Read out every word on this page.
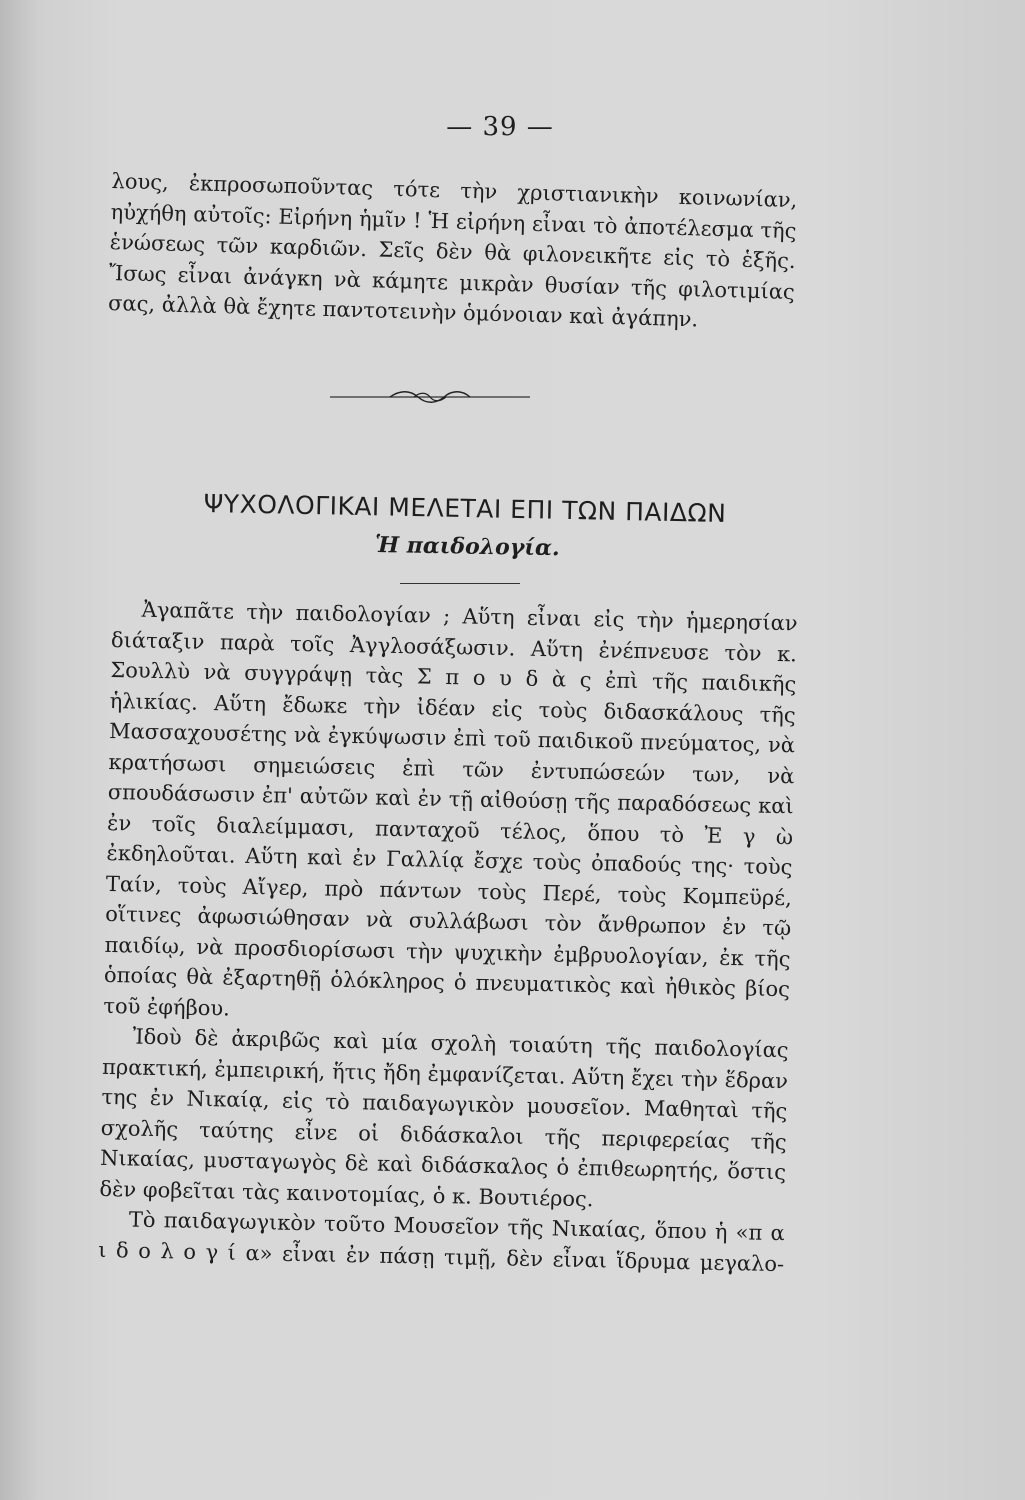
— 39 —

λους, ἐκπροσωποῦντας τότε τὴν χριστιανικὴν κοινωνίαν, ηὐχήθη αὐτοῖς: Εἰρήνη ἡμῖν ! Ἡ εἰρήνη εἶναι τὸ ἀποτέλεσμα τῆς ἑνώσεως τῶν καρδιῶν. Σεῖς δὲν θὰ φιλονεικῆτε εἰς τὸ ἑξῆς. Ἴσως εἶναι ἀνάγκη νὰ κάμητε μικρὰν θυσίαν τῆς φιλοτιμίας σας, ἀλλὰ θὰ ἔχητε παντοτεινὴν ὁμόνοιαν καὶ ἀγάπην.

ΨΥΧΟΛΟΓΙΚΑΙ ΜΕΛΕΤΑΙ ΕΠΙ ΤΩΝ ΠΑΙΔΩΝ
Ἡ παιδολογία.

Ἀγαπᾶτε τὴν παιδολογίαν ; Αὕτη εἶναι εἰς τὴν ἡμερησίαν διάταξιν παρὰ τοῖς Ἀγγλοσάξωσιν. Αὕτη ἐνέπνευσε τὸν κ. Σουλλὺ νὰ συγγράψῃ τὰς Σ π ο υ δ ὰ ς ἐπὶ τῆς παιδικῆς ἡλικίας. Αὕτη ἔδωκε τὴν ἰδέαν εἰς τοὺς διδασκάλους τῆς Μασσαχουσέτης νὰ ἐγκύψωσιν ἐπὶ τοῦ παιδικοῦ πνεύματος, νὰ κρατήσωσι σημειώσεις ἐπὶ τῶν ἐντυπώσεών των, νὰ σπουδάσωσιν ἐπ' αὐτῶν καὶ ἐν τῇ αἰθούσῃ τῆς παραδόσεως καὶ ἐν τοῖς διαλείμμασι, πανταχοῦ τέλος, ὅπου τὸ Ἐ γ ὼ ἐκδηλοῦται. Αὕτη καὶ ἐν Γαλλίᾳ ἔσχε τοὺς ὀπαδούς της· τοὺς Ταίν, τοὺς Αἴγερ, πρὸ πάντων τοὺς Περέ, τοὺς Κομπεϋρέ, οἵτινες ἀφωσιώθησαν νὰ συλλάβωσι τὸν ἄνθρωπον ἐν τῷ παιδίῳ, νὰ προσδιορίσωσι τὴν ψυχικὴν ἐμβρυολογίαν, ἐκ τῆς ὁποίας θὰ ἐξαρτηθῇ ὁλόκληρος ὁ πνευματικὸς καὶ ἠθικὸς βίος τοῦ ἐφήβου.

Ἰδοὺ δὲ ἀκριβῶς καὶ μία σχολὴ τοιαύτη τῆς παιδολογίας πρακτική, ἐμπειρική, ἥτις ἤδη ἐμφανίζεται. Αὕτη ἔχει τὴν ἕδραν της ἐν Νικαίᾳ, εἰς τὸ παιδαγωγικὸν μουσεῖον. Μαθηταὶ τῆς σχολῆς ταύτης εἶνε οἱ διδάσκαλοι τῆς περιφερείας τῆς Νικαίας, μυσταγωγὸς δὲ καὶ διδάσκαλος ὁ ἐπιθεωρητής, ὅστις δὲν φοβεῖται τὰς καινοτομίας, ὁ κ. Βουτιέρος.

Τὸ παιδαγωγικὸν τοῦτο Μουσεῖον τῆς Νικαίας, ὅπου ἡ «π α ι δ ο λ ο γ ί α» εἶναι ἐν πάσῃ τιμῇ, δὲν εἶναι ἵδρυμα μεγαλο-
